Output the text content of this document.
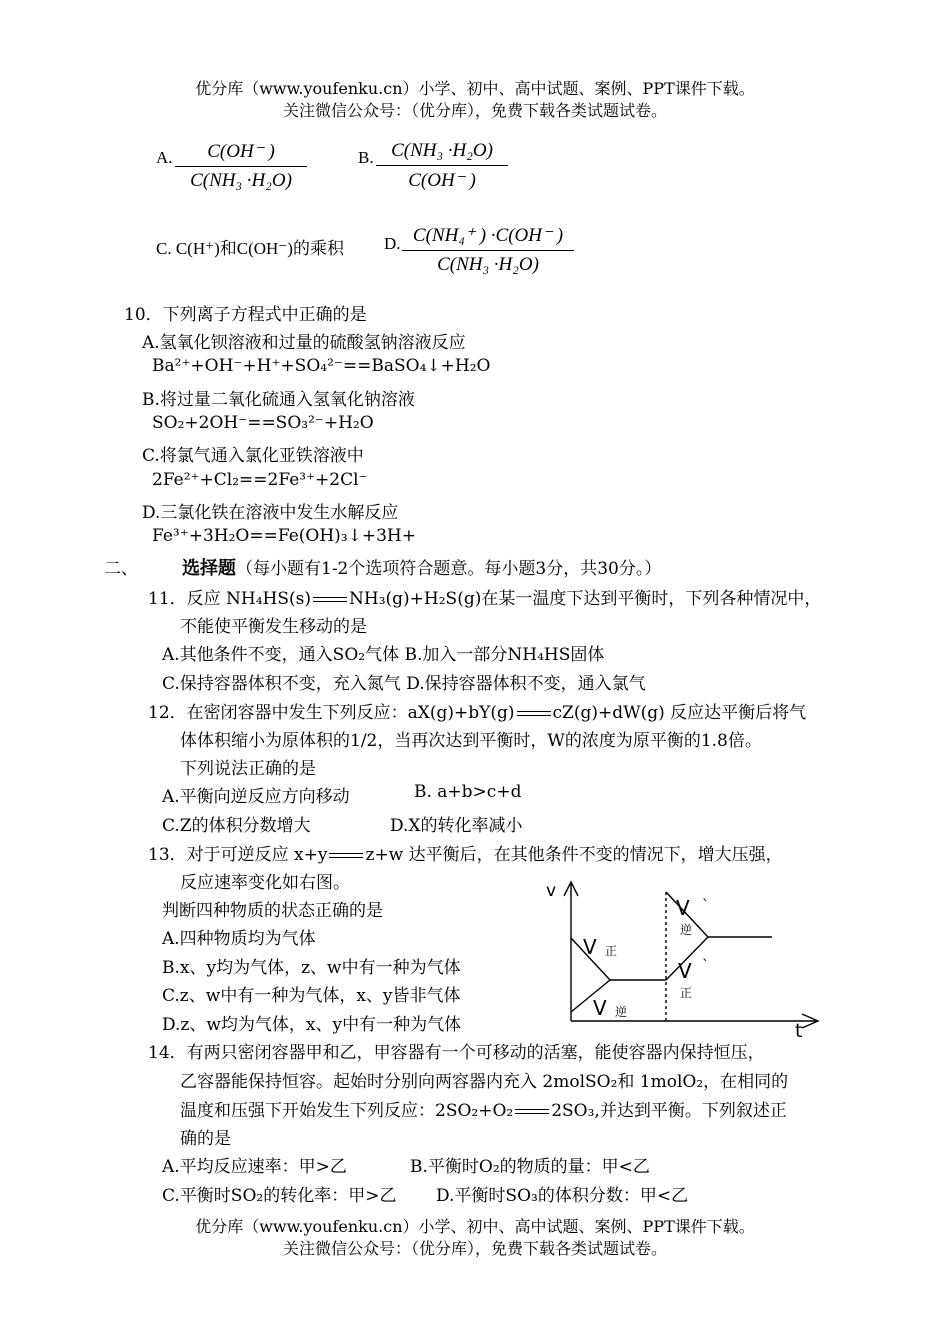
优分库（www.youfenku.cn）小学、初中、高中试题、案例、PPT课件下载。
关注微信公众号：（优分库），免费下载各类试题试卷。
A.	C(OH⁻ )
C(NH₃ ·H₂O)
B. C(NH₃ ·H₂O)
C(OH⁻ )
C. C(H⁺)和C(OH⁻)的乘积 D. C(NH₄⁺ ) ·C(OH⁻ )
C(NH₃ ·H₂O)
10．下列离子方程式中正确的是
A.氢氧化钡溶液和过量的硫酸氢钠溶液反应
Ba²⁺+OH⁻+H⁺+SO₄²⁻==BaSO₄↓+H₂O
B.将过量二氧化硫通入氢氧化钠溶液
SO₂+2OH⁻==SO₃²⁻+H₂O
C.将氯气通入氯化亚铁溶液中
2Fe²⁺+Cl₂==2Fe³⁺+2Cl⁻
D.三氯化铁在溶液中发生水解反应
Fe³⁺+3H₂O==Fe(OH)₃↓+3H+
二、 选择题（每小题有1-2个选项符合题意。每小题3分，共30分。）
11．反应 NH₄HS(s) NH₃(g)+H₂S(g)在某一温度下达到平衡时，下列各种情况中，
不能使平衡发生移动的是
A.其他条件不变，通入SO₂气体 B.加入一部分NH₄HS固体
C.保持容器体积不变，充入氮气 D.保持容器体积不变，通入氯气
12．在密闭容器中发生下列反应：aX(g)+bY(g) cZ(g)+dW(g) 反应达平衡后将气
体体积缩小为原体积的1/2，当再次达到平衡时，W的浓度为原平衡的1.8倍。
下列说法正确的是
A.平衡向逆反应方向移动	B. a+b>c+d
C.Z的体积分数增大	D.X的转化率减小
13．对于可逆反应 x+y z+w 达平衡后，在其他条件不变的情况下，增大压强，
反应速率变化如右图。
判断四种物质的状态正确的是
A.四种物质均为气体
B.x、y均为气体，z、w中有一种为气体
C.z、w中有一种为气体，x、y皆非气体
D.z、w均为气体，x、y中有一种为气体
v
t
V 正
V 逆
V `
逆
V `
正
14．有两只密闭容器甲和乙，甲容器有一个可移动的活塞，能使容器内保持恒压，
乙容器能保持恒容。起始时分别向两容器内充入 2molSO₂和 1molO₂，在相同的
温度和压强下开始发生下列反应：2SO₂+O₂ 2SO₃,并达到平衡。下列叙述正
确的是
A.平均反应速率：甲>乙	B.平衡时O₂的物质的量：甲<乙
C.平衡时SO₂的转化率：甲>乙 D.平衡时SO₃的体积分数：甲<乙
优分库（www.youfenku.cn）小学、初中、高中试题、案例、PPT课件下载。
关注微信公众号：（优分库），免费下载各类试题试卷。
